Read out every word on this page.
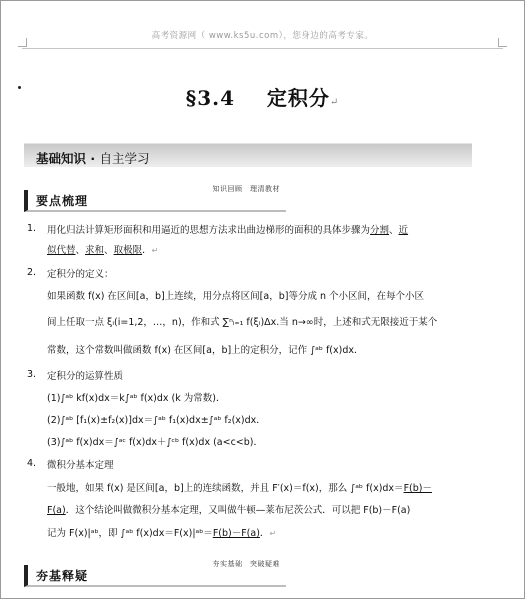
高考资源网（ www.ks5u.com），您身边的高考专家。
§3.4 定积分↵
基础知识 · 自主学习
要点梳理
知识回顾　理清教材
1. 用化归法计算矩形面积和用逼近的思想方法求出曲边梯形的面积的具体步骤为分割、近
似代替、求和、取极限．↵
2. 定积分的定义：
如果函数 f(x) 在区间[a，b]上连续，用分点将区间[a，b]等分成 n 个小区间，在每个小区
间上任取一点 ξᵢ(i=1,2，…，n)，作和式 ∑ⁿᵢ₌₁ f(ξᵢ)Δx.当 n→∞时，上述和式无限接近于某个
常数，这个常数叫做函数 f(x) 在区间[a，b]上的定积分，记作 ∫ᵃᵇ f(x)dx．
3. 定积分的运算性质
(1)∫ᵃᵇ kf(x)dx＝k∫ᵃᵇ f(x)dx (k 为常数)．
(2)∫ᵃᵇ [f₁(x)±f₂(x)]dx＝∫ᵃᵇ f₁(x)dx±∫ᵃᵇ f₂(x)dx．
(3)∫ᵃᵇ f(x)dx＝∫ᵃᶜ f(x)dx＋∫ᶜᵇ f(x)dx (a<c<b)．
4. 微积分基本定理
一般地，如果 f(x) 是区间[a，b]上的连续函数，并且 F′(x)＝f(x)，那么 ∫ᵃᵇ f(x)dx＝F(b)－
F(a)．这个结论叫做微积分基本定理，又叫做牛顿—莱布尼茨公式．可以把 F(b)－F(a)
记为 F(x)|ᵃᵇ，即 ∫ᵃᵇ f(x)dx＝F(x)|ᵃᵇ＝F(b)－F(a)．↵
夯基释疑
夯实基础　突破疑难
